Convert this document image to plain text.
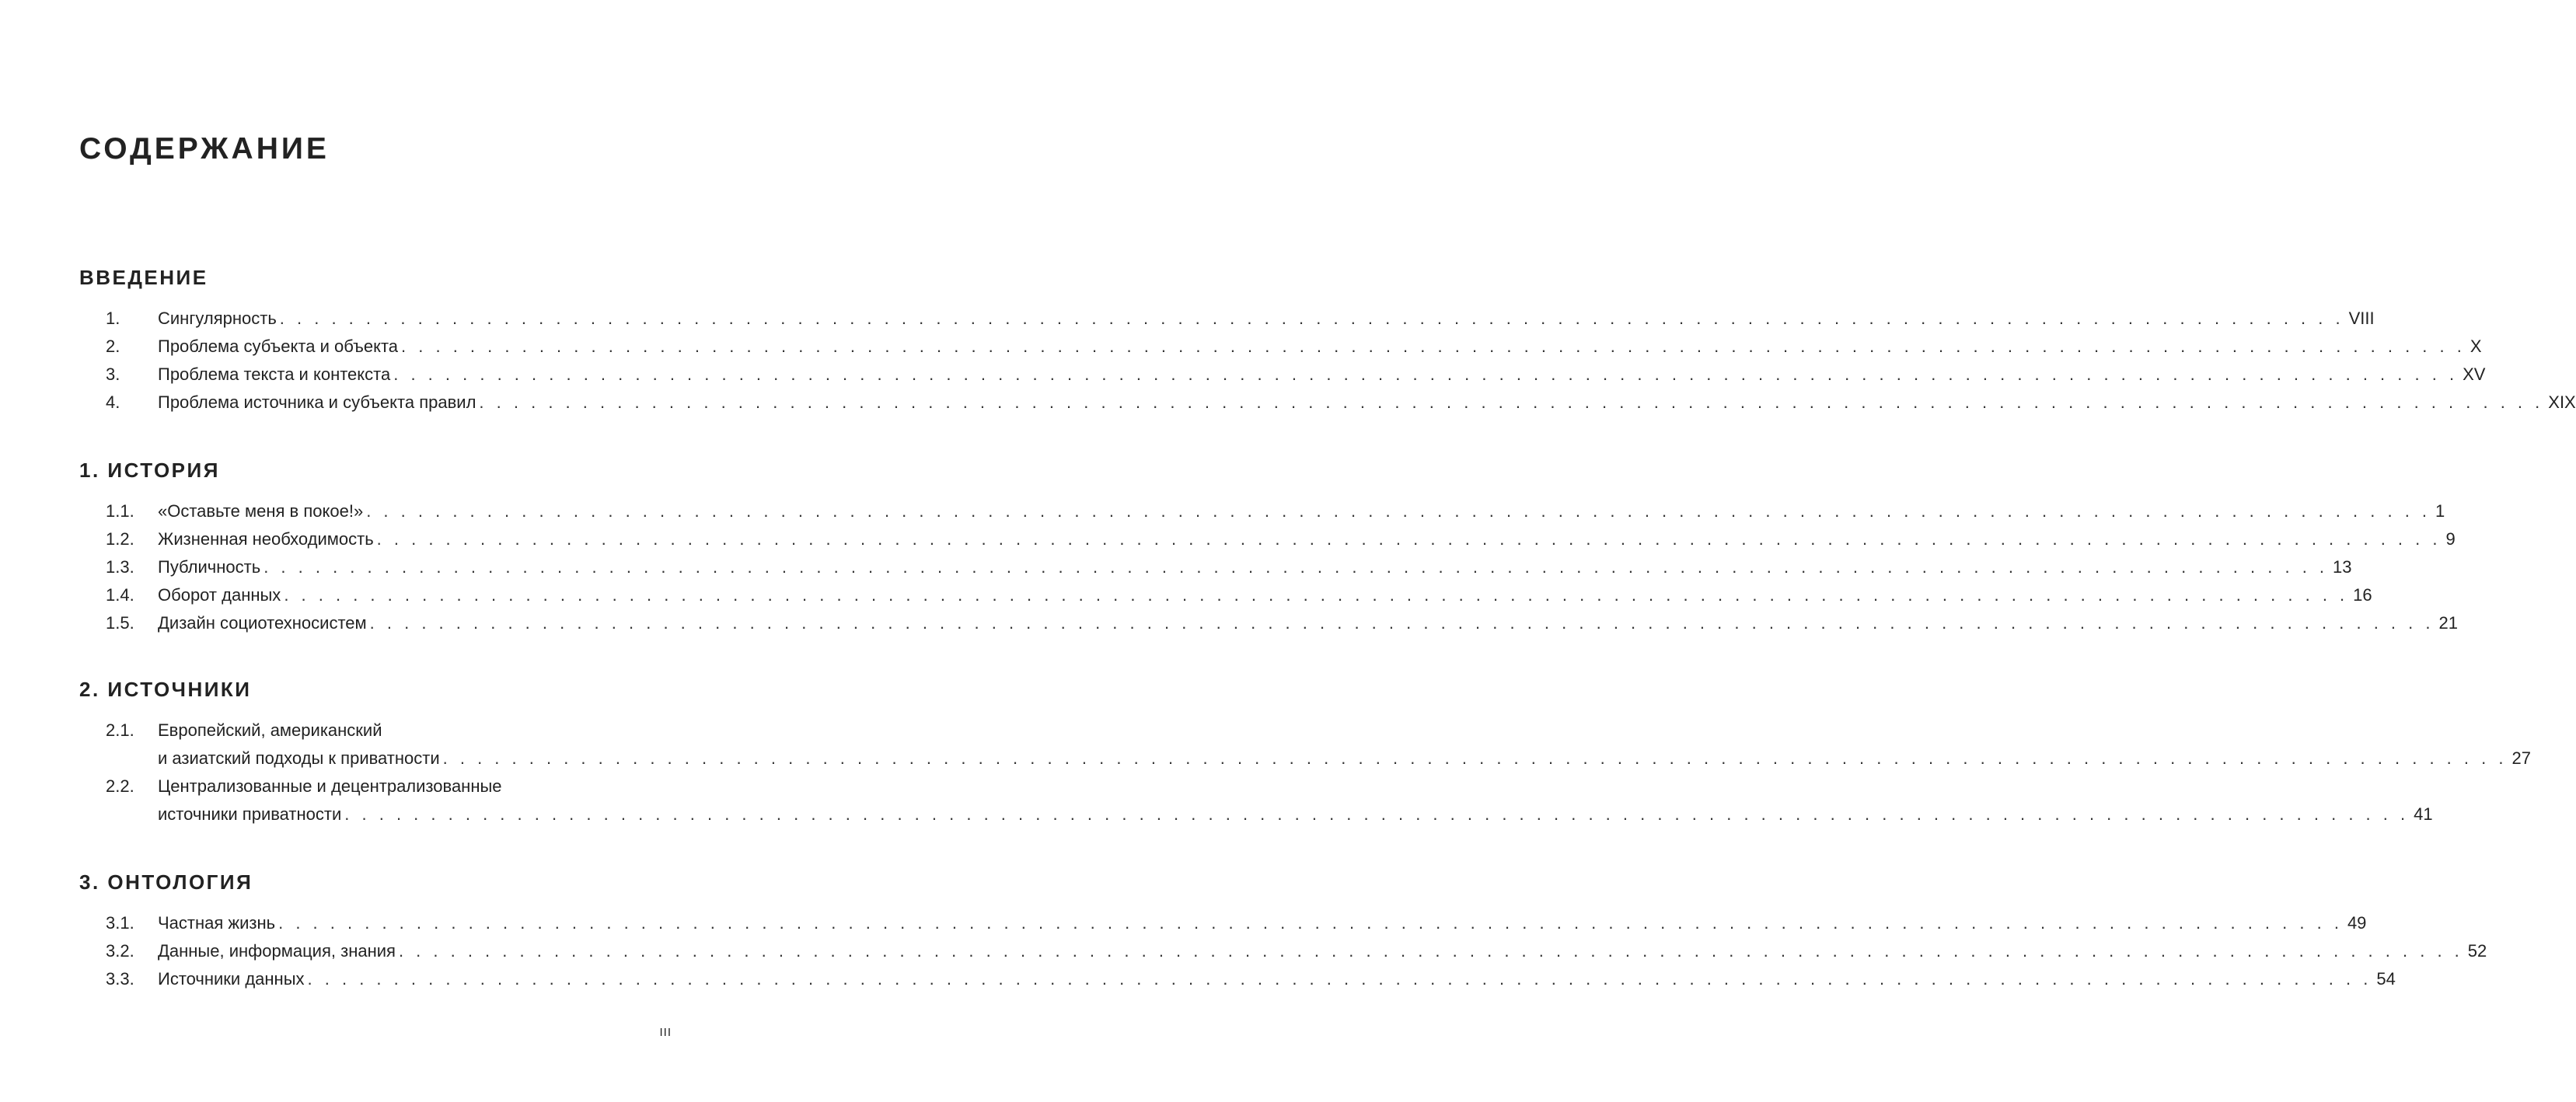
СОДЕРЖАНИЕ
ВВЕДЕНИЕ
1.	Сингулярность . . . . . . . . . . . . . . . . . . . . . . . . . . . . . . . . . . . . . . . . . . . . . . . . . . . . . . . . . . . . . . . . . . . . . . . . . . . . . . . . . . . . . . . . . . . . . . . . . . . . . . . . . . . . . . . . . . . . . . . . VIII
2.	Проблема субъекта и объекта . . . . . . . . . . . . . . . . . . . . . . . . . . . . . . . . . . . . . . . . . . . . . . . . . . . . . . . . . . . . . . . . . . . . . . . . . . . . . . . . . . . . . . . . . . . . . . . . . . . . . . . . . . . . . . . . . . . . . . . . X
3.	Проблема текста и контекста . . . . . . . . . . . . . . . . . . . . . . . . . . . . . . . . . . . . . . . . . . . . . . . . . . . . . . . . . . . . . . . . . . . . . . . . . . . . . . . . . . . . . . . . . . . . . . . . . . . . . . . . . . . . . . . . . . . . . . . . XV
4.	Проблема источника и субъекта правил . . . . . . . . . . . . . . . . . . . . . . . . . . . . . . . . . . . . . . . . . . . . . . . . . . . . . . . . . . . . . . . . . . . . . . . . . . . . . . . . . . . . . . . . . . . . . . . . . . . . . . . . . . . . . . . . . . . . . . . . XIX
1. ИСТОРИЯ
1.1.	«Оставьте меня в покое!» . . . . . . . . . . . . . . . . . . . . . . . . . . . . . . . . . . . . . . . . . . . . . . . . . . . . . . . . . . . . . . . . . . . . . . . . . . . . . . . . . . . . . . . . . . . . . . . . . . . . . . . . . . . . . . . . . . . . . . . . 1
1.2.	Жизненная необходимость . . . . . . . . . . . . . . . . . . . . . . . . . . . . . . . . . . . . . . . . . . . . . . . . . . . . . . . . . . . . . . . . . . . . . . . . . . . . . . . . . . . . . . . . . . . . . . . . . . . . . . . . . . . . . . . . . . . . . . . . 9
1.3.	Публичность . . . . . . . . . . . . . . . . . . . . . . . . . . . . . . . . . . . . . . . . . . . . . . . . . . . . . . . . . . . . . . . . . . . . . . . . . . . . . . . . . . . . . . . . . . . . . . . . . . . . . . . . . . . . . . . . . . . . . . . . 13
1.4.	Оборот данных . . . . . . . . . . . . . . . . . . . . . . . . . . . . . . . . . . . . . . . . . . . . . . . . . . . . . . . . . . . . . . . . . . . . . . . . . . . . . . . . . . . . . . . . . . . . . . . . . . . . . . . . . . . . . . . . . . . . . . . . 16
1.5.	Дизайн социотехносистем . . . . . . . . . . . . . . . . . . . . . . . . . . . . . . . . . . . . . . . . . . . . . . . . . . . . . . . . . . . . . . . . . . . . . . . . . . . . . . . . . . . . . . . . . . . . . . . . . . . . . . . . . . . . . . . . . . . . . . . . 21
2. ИСТОЧНИКИ
2.1.	Европейский, американский
и азиатский подходы к приватности . . . . . . . . . . . . . . . . . . . . . . . . . . . . . . . . . . . . . . . . . . . . . . . . . . . . . . . . . . . . . . . . . . . . . . . . . . . . . . . . . . . . . . . . . . . . . . . . . . . . . . . . . . . . . . . . . . . . . . . . 27
2.2.	Централизованные и децентрализованные
источники приватности . . . . . . . . . . . . . . . . . . . . . . . . . . . . . . . . . . . . . . . . . . . . . . . . . . . . . . . . . . . . . . . . . . . . . . . . . . . . . . . . . . . . . . . . . . . . . . . . . . . . . . . . . . . . . . . . . . . . . . . . 41
3. ОНТОЛОГИЯ
3.1.	Частная жизнь . . . . . . . . . . . . . . . . . . . . . . . . . . . . . . . . . . . . . . . . . . . . . . . . . . . . . . . . . . . . . . . . . . . . . . . . . . . . . . . . . . . . . . . . . . . . . . . . . . . . . . . . . . . . . . . . . . . . . . . . 49
3.2.	Данные, информация, знания . . . . . . . . . . . . . . . . . . . . . . . . . . . . . . . . . . . . . . . . . . . . . . . . . . . . . . . . . . . . . . . . . . . . . . . . . . . . . . . . . . . . . . . . . . . . . . . . . . . . . . . . . . . . . . . . . . . . . . . . 52
3.3.	Источники данных . . . . . . . . . . . . . . . . . . . . . . . . . . . . . . . . . . . . . . . . . . . . . . . . . . . . . . . . . . . . . . . . . . . . . . . . . . . . . . . . . . . . . . . . . . . . . . . . . . . . . . . . . . . . . . . . . . . . . . . . 54
III
